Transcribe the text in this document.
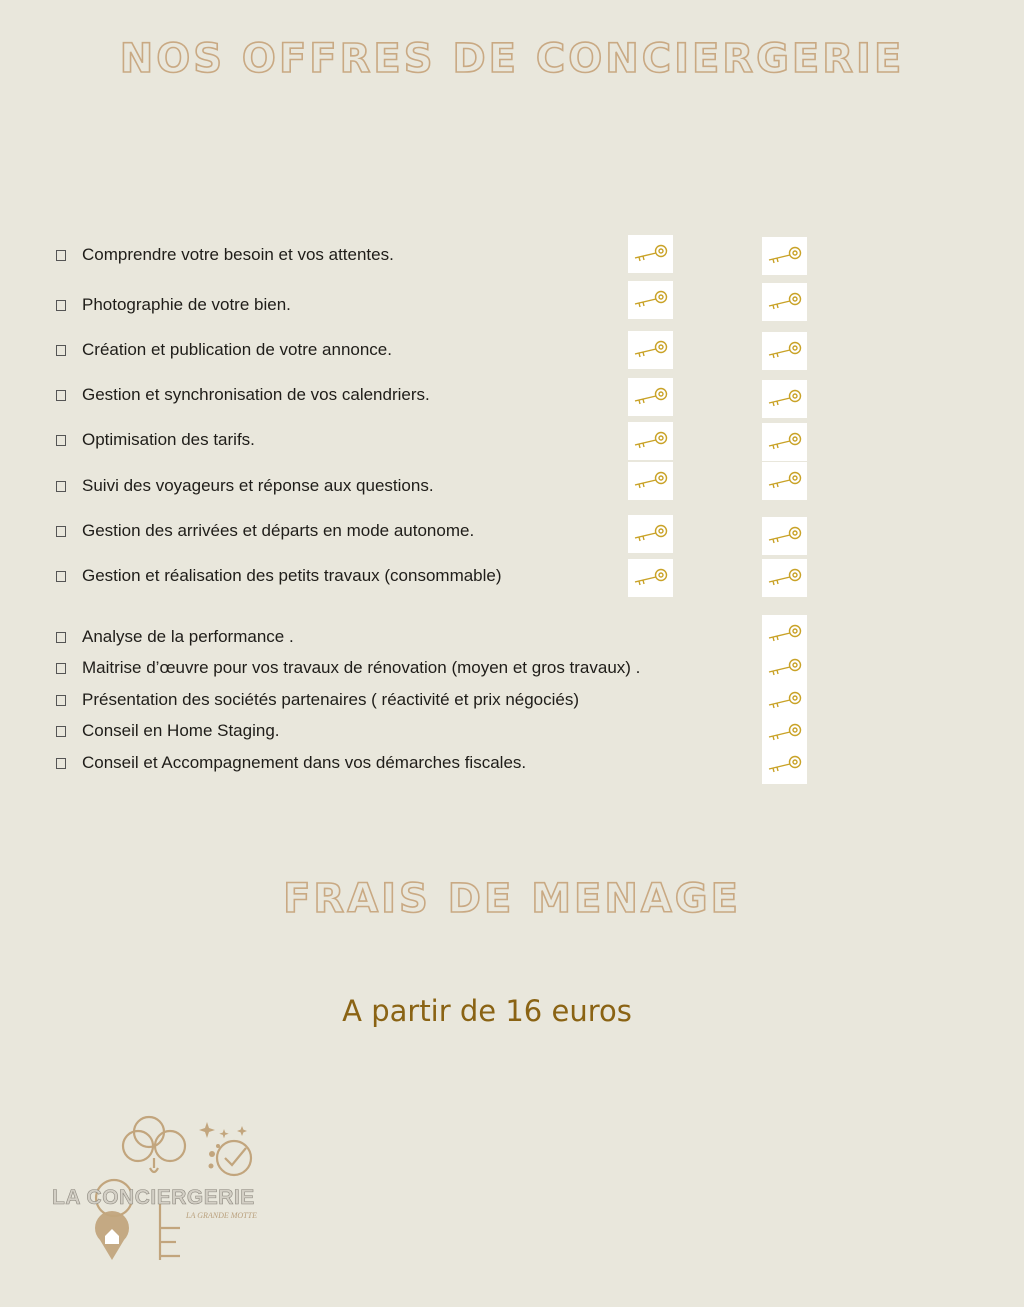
NOS OFFRES DE CONCIERGERIE
Comprendre votre besoin et vos attentes.
Photographie de votre bien.
Création et publication de votre annonce.
Gestion et synchronisation de vos calendriers.
Optimisation des tarifs.
Suivi des voyageurs et réponse aux questions.
Gestion des arrivées et départs en mode autonome.
Gestion et réalisation des petits travaux (consommable)
Analyse de la performance .
Maitrise d’œuvre pour vos travaux de rénovation (moyen et gros travaux) .
Présentation des sociétés partenaires ( réactivité et prix négociés)
Conseil en Home Staging.
Conseil et Accompagnement dans vos démarches fiscales.
FRAIS DE MENAGE
A partir de 16 euros
LA CONCIERGERIE
LA GRANDE MOTTE
